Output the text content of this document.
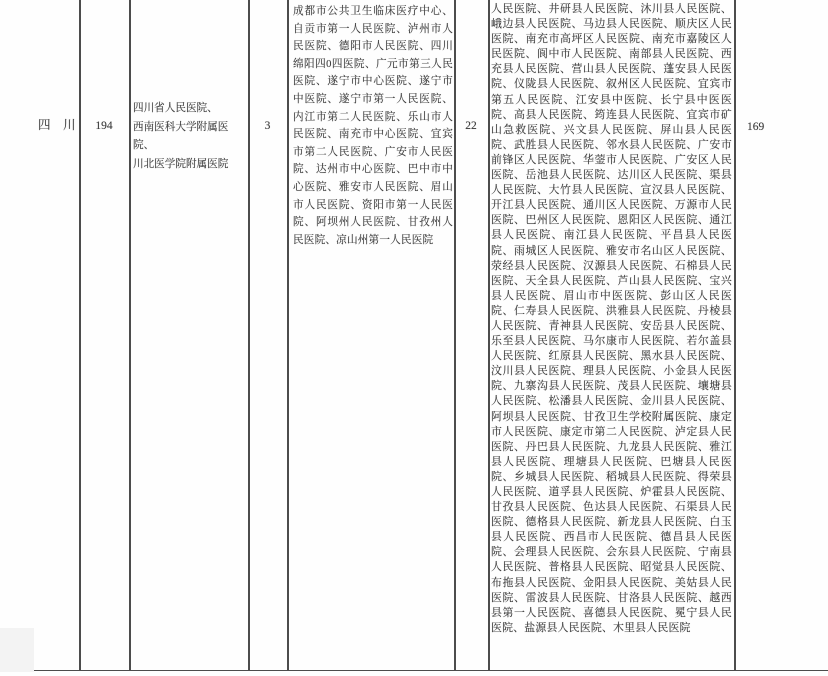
四　川	194
四川省人民医院、
西南医科大学附属医院、
川北医学院附属医院
3
成都市公共卫生临床医疗中心、自贡市第一人民医院、泸州市人民医院、德阳市人民医院、四川绵阳四0四医院、广元市第三人民医院、遂宁市中心医院、遂宁市中医院、遂宁市第一人民医院、内江市第二人民医院、乐山市人民医院、南充市中心医院、宜宾市第二人民医院、广安市人民医院、达州市中心医院、巴中市中心医院、雅安市人民医院、眉山市人民医院、资阳市第一人民医院、阿坝州人民医院、甘孜州人民医院、凉山州第一人民医院
22
人民医院、井研县人民医院、沐川县人民医院、峨边县人民医院、马边县人民医院、顺庆区人民医院、南充市高坪区人民医院、南充市嘉陵区人民医院、阆中市人民医院、南部县人民医院、西充县人民医院、营山县人民医院、蓬安县人民医院、仪陇县人民医院、叙州区人民医院、宜宾市第五人民医院、江安县中医院、长宁县中医医院、高县人民医院、筠连县人民医院、宜宾市矿山急救医院、兴文县人民医院、屏山县人民医院、武胜县人民医院、邻水县人民医院、广安市前锋区人民医院、华蓥市人民医院、广安区人民医院、岳池县人民医院、达川区人民医院、渠县人民医院、大竹县人民医院、宣汉县人民医院、开江县人民医院、通川区人民医院、万源市人民医院、巴州区人民医院、恩阳区人民医院、通江县人民医院、南江县人民医院、平昌县人民医院、雨城区人民医院、雅安市名山区人民医院、荥经县人民医院、汉源县人民医院、石棉县人民医院、天全县人民医院、芦山县人民医院、宝兴县人民医院、眉山市中医医院、彭山区人民医院、仁寿县人民医院、洪雅县人民医院、丹棱县人民医院、青神县人民医院、安岳县人民医院、乐至县人民医院、马尔康市人民医院、若尔盖县人民医院、红原县人民医院、黑水县人民医院、汶川县人民医院、理县人民医院、小金县人民医院、九寨沟县人民医院、茂县人民医院、壤塘县人民医院、松潘县人民医院、金川县人民医院、阿坝县人民医院、甘孜卫生学校附属医院、康定市人民医院、康定市第二人民医院、泸定县人民医院、丹巴县人民医院、九龙县人民医院、雅江县人民医院、理塘县人民医院、巴塘县人民医院、乡城县人民医院、稻城县人民医院、得荣县人民医院、道孚县人民医院、炉霍县人民医院、甘孜县人民医院、色达县人民医院、石渠县人民医院、德格县人民医院、新龙县人民医院、白玉县人民医院、西昌市人民医院、德昌县人民医院、会理县人民医院、会东县人民医院、宁南县人民医院、普格县人民医院、昭觉县人民医院、布拖县人民医院、金阳县人民医院、美姑县人民医院、雷波县人民医院、甘洛县人民医院、越西县第一人民医院、喜德县人民医院、冕宁县人民医院、盐源县人民医院、木里县人民医院
169
